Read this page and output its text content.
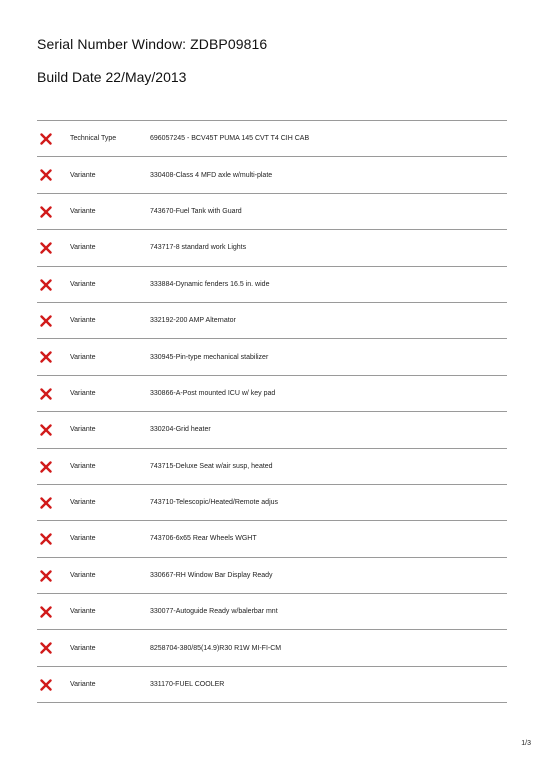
Serial Number Window: ZDBP09816
Build Date 22/May/2013
Technical Type	696057245 - BCV45T PUMA 145 CVT T4 CIH CAB
Variante	330408-Class 4 MFD axle w/multi-plate
Variante	743670-Fuel Tank with Guard
Variante	743717-8 standard work Lights
Variante	333884-Dynamic fenders 16.5 in. wide
Variante	332192-200 AMP Alternator
Variante	330945-Pin-type mechanical stabilizer
Variante	330866-A-Post mounted ICU w/ key pad
Variante	330204-Grid heater
Variante	743715-Deluxe Seat w/air susp, heated
Variante	743710-Telescopic/Heated/Remote adjus
Variante	743706-6x65 Rear Wheels WGHT
Variante	330667-RH Window Bar Display Ready
Variante	330077-Autoguide Ready w/balerbar mnt
Variante	8258704-380/85(14.9)R30 R1W MI-FI-CM
Variante	331170-FUEL COOLER
1/3
